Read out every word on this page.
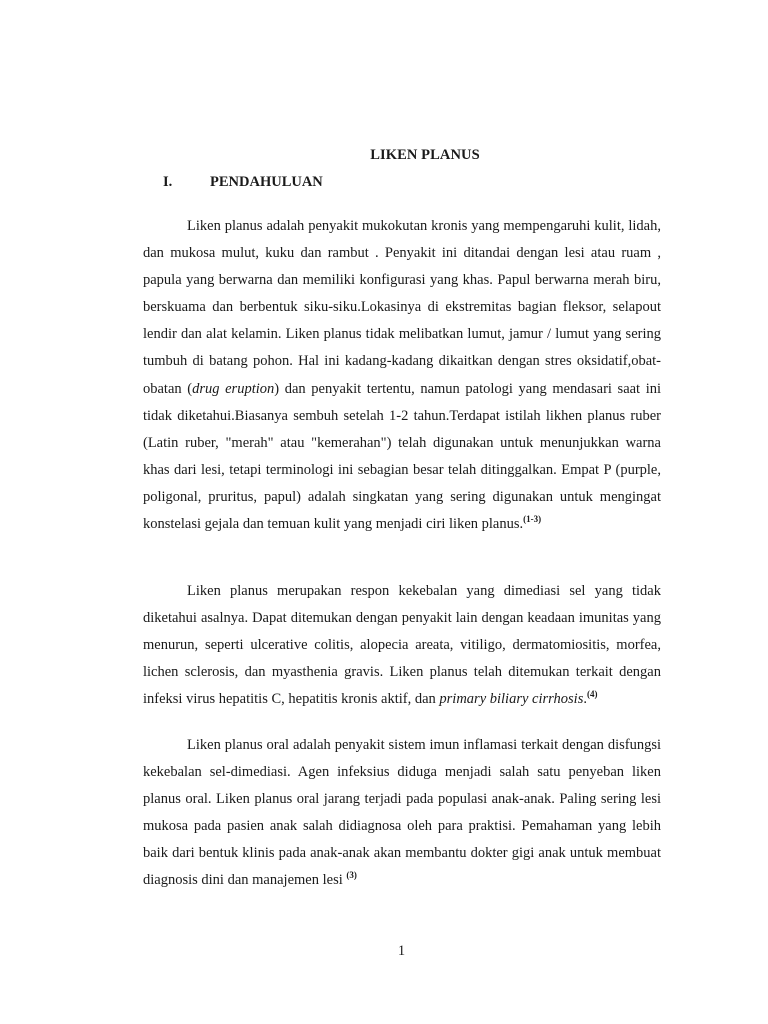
LIKEN PLANUS
I.	PENDAHULUAN

Liken planus adalah penyakit mukokutan kronis yang mempengaruhi kulit, lidah, dan mukosa mulut, kuku dan rambut . Penyakit ini ditandai dengan lesi atau ruam , papula yang berwarna dan memiliki konfigurasi yang khas. Papul berwarna merah biru, berskuama dan berbentuk siku-siku.Lokasinya di ekstremitas bagian fleksor, selapout lendir dan alat kelamin. Liken planus tidak melibatkan lumut, jamur / lumut yang sering tumbuh di batang pohon. Hal ini kadang-kadang dikaitkan dengan stres oksidatif,obat-obatan (drug eruption) dan penyakit tertentu, namun patologi yang mendasari saat ini tidak diketahui.Biasanya sembuh setelah 1-2 tahun.Terdapat istilah likhen planus ruber (Latin ruber, "merah" atau "kemerahan") telah digunakan untuk menunjukkan warna khas dari lesi, tetapi terminologi ini sebagian besar telah ditinggalkan. Empat P (purple, poligonal, pruritus, papul) adalah singkatan yang sering digunakan untuk mengingat konstelasi gejala dan temuan kulit yang menjadi ciri liken planus.$^{(1-3)}$

Liken planus merupakan respon kekebalan yang dimediasi sel yang tidak diketahui asalnya. Dapat ditemukan dengan penyakit lain dengan keadaan imunitas yang menurun, seperti ulcerative colitis, alopecia areata, vitiligo, dermatomiositis, morfea, lichen sclerosis, dan myasthenia gravis. Liken planus telah ditemukan terkait dengan infeksi virus hepatitis C, hepatitis kronis aktif, dan primary biliary cirrhosis.$^{(4)}$

Liken planus oral adalah penyakit sistem imun inflamasi terkait dengan disfungsi kekebalan sel-dimediasi. Agen infeksius diduga menjadi salah satu penyeban liken planus oral. Liken planus oral jarang terjadi pada populasi anak-anak. Paling sering lesi mukosa pada pasien anak salah didiagnosa oleh para praktisi. Pemahaman yang lebih baik dari bentuk klinis pada anak-anak akan membantu dokter gigi anak untuk membuat diagnosis dini dan manajemen lesi $^{(3)}$

1
